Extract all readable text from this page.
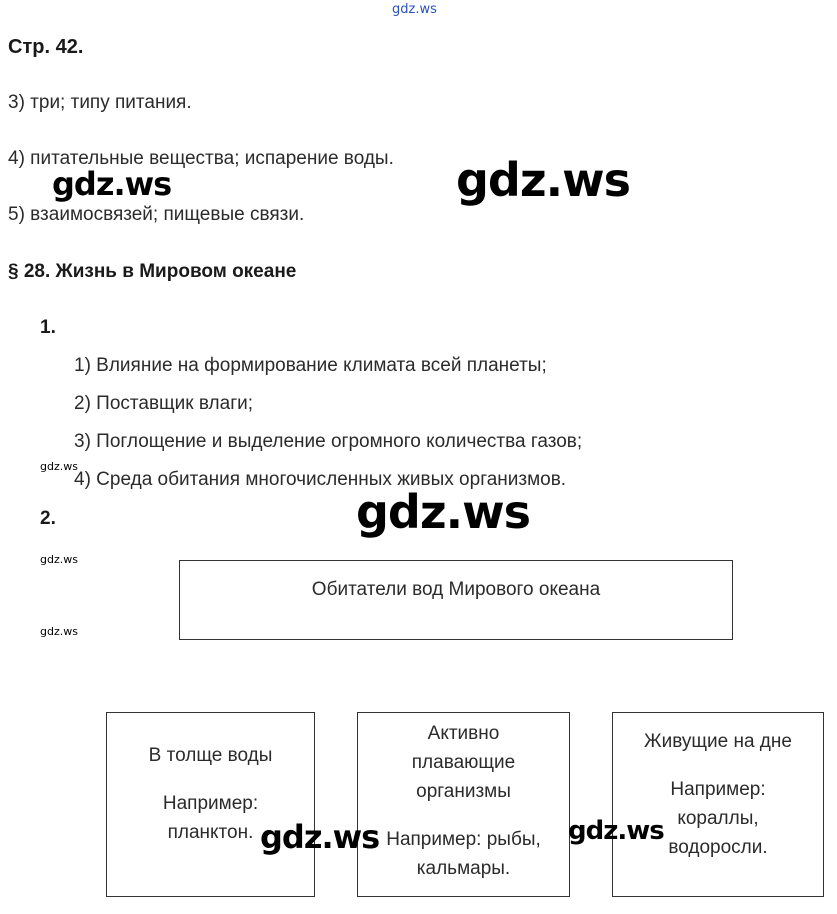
gdz.ws
Стр. 42.
3) три; типу питания.
4) питательные вещества; испарение воды.
5) взаимосвязей; пищевые связи.
gdz.ws	gdz.ws
§ 28. Жизнь в Мировом океане
1.
1) Влияние на формирование климата всей планеты;
2) Поставщик влаги;
3) Поглощение и выделение огромного количества газов;
4) Среда обитания многочисленных живых организмов.
gdz.ws
2.	gdz.ws
gdz.ws
gdz.ws
Обитатели вод Мирового океана
В толще воды
Например: планктон.
Активно плавающие организмы
Например: рыбы, кальмары.
Живущие на дне
Например: кораллы, водоросли.
gdz.ws	gdz.ws
